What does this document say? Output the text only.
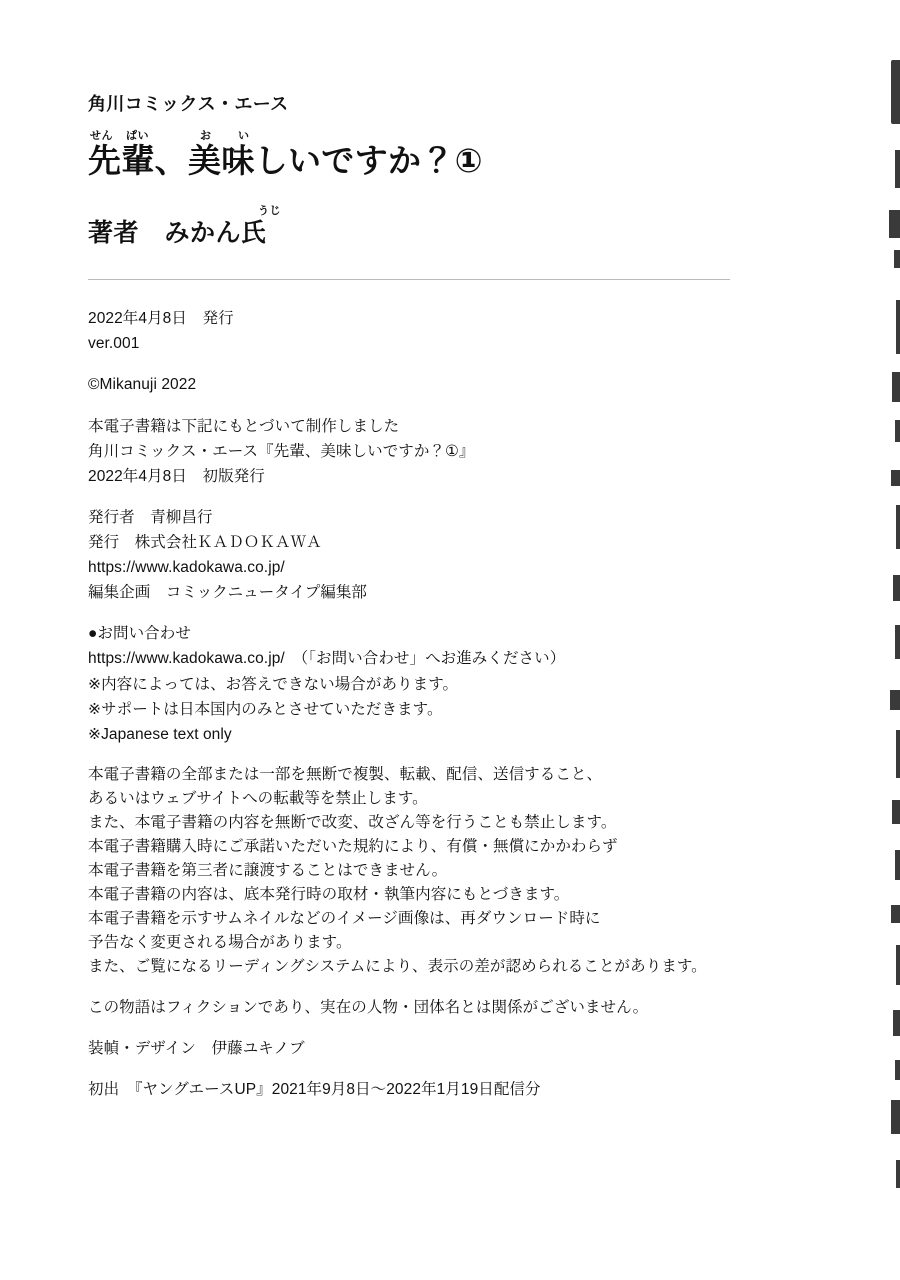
角川コミックス・エース
せん ぱい	お い
先輩、美味しいですか？①
うじ
著者　みかん氏
2022年4月8日　発行
ver.001
©Mikanuji 2022
本電子書籍は下記にもとづいて制作しました
角川コミックス・エース『先輩、美味しいですか？①』
2022年4月8日　初版発行
発行者　青柳昌行
発行　株式会社ＫＡＤＯＫＡＷＡ
https://www.kadokawa.co.jp/
編集企画　コミックニュータイプ編集部
●お問い合わせ
https://www.kadokawa.co.jp/　（「お問い合わせ」へお進みください）
※内容によっては、お答えできない場合があります。
※サポートは日本国内のみとさせていただきます。
※Japanese text only
本電子書籍の全部または一部を無断で複製、転載、配信、送信すること、
あるいはウェブサイトへの転載等を禁止します。
また、本電子書籍の内容を無断で改変、改ざん等を行うことも禁止します。
本電子書籍購入時にご承諾いただいた規約により、有償・無償にかかわらず
本電子書籍を第三者に譲渡することはできません。
本電子書籍の内容は、底本発行時の取材・執筆内容にもとづきます。
本電子書籍を示すサムネイルなどのイメージ画像は、再ダウンロード時に
予告なく変更される場合があります。
また、ご覧になるリーディングシステムにより、表示の差が認められることがあります。
この物語はフィクションであり、実在の人物・団体名とは関係がございません。
装幀・デザイン　伊藤ユキノブ
初出　『ヤングエースUP』2021年9月8日〜2022年1月19日配信分
